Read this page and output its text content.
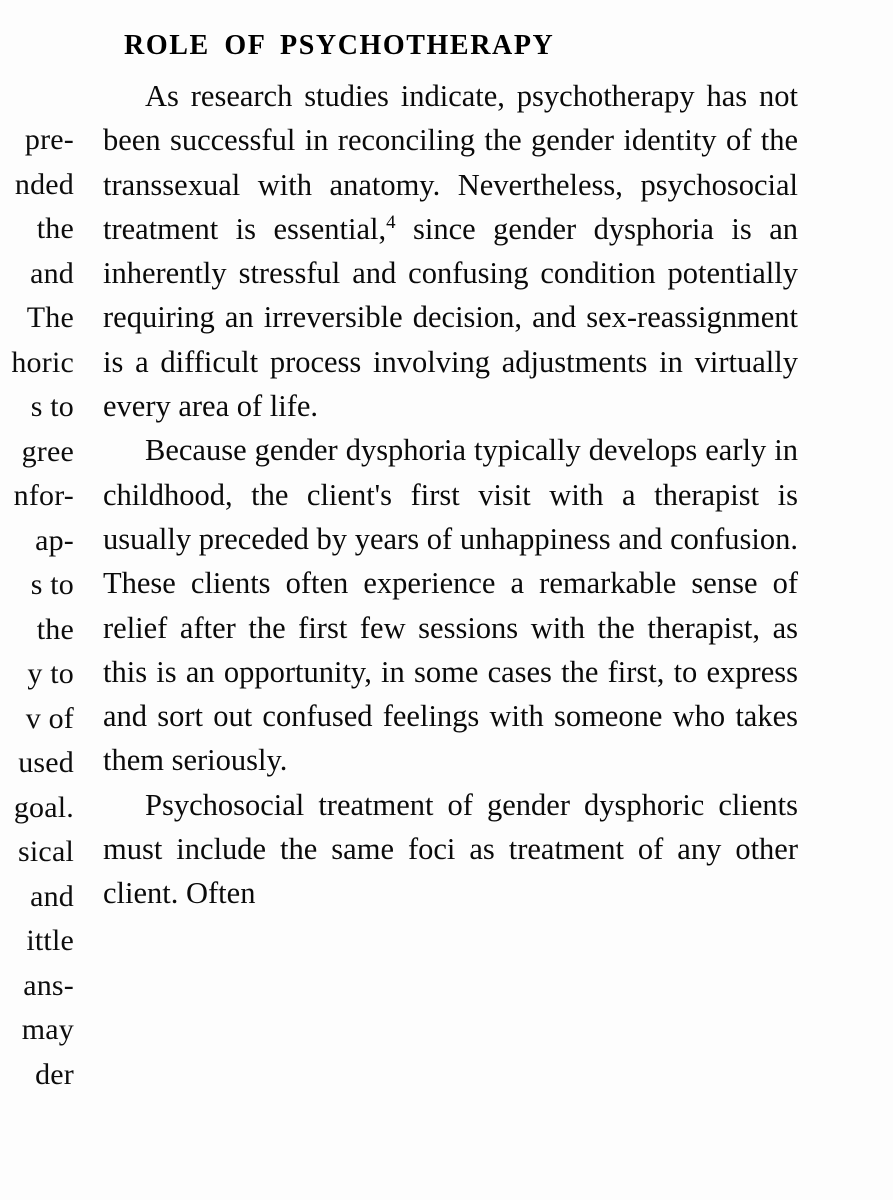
pre-
nded
the
and
The
horic
s to
gree
nfor-
ap-
s to
the
y to
v of
used
goal.
sical
and
ittle
ans-
may
der
ROLE OF PSYCHOTHERAPY

As research studies indicate, psychotherapy has not been successful in reconciling the gender identity of the transsexual with anatomy. Nevertheless, psychosocial treatment is essential,$^4$ since gender dysphoria is an inherently stressful and confusing condition potentially requiring an irreversible decision, and sex-reassignment is a difficult process involving adjustments in virtually every area of life.

Because gender dysphoria typically develops early in childhood, the client's first visit with a therapist is usually preceded by years of unhappiness and confusion. These clients often experience a remarkable sense of relief after the first few sessions with the therapist, as this is an opportunity, in some cases the first, to express and sort out confused feelings with someone who takes them seriously.

Psychosocial treatment of gender dysphoric clients must include the same foci as treatment of any other client. Often
